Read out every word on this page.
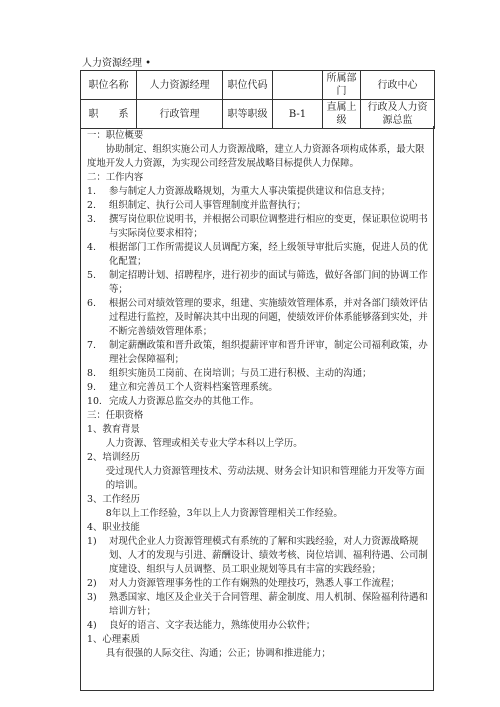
人力资源经理 •
职位名称	人力资源经理	职位代码		所属部门	行政中心
职　　系	行政管理	职等职级	B-1	直属上级	行政及人力资源总监

一：职位概要

协助制定、组织实施公司人力资源战略，建立人力资源各项构成体系，最大限度地开发人力资源，为实现公司经营发展战略目标提供人力保障。

二：工作内容

1.	参与制定人力资源战略规划，为重大人事决策提供建议和信息支持；
2.	组织制定、执行公司人事管理制度并监督执行；
3.	撰写岗位职位说明书，并根据公司职位调整进行相应的变更，保证职位说明书与实际岗位要求相符；
4.	根据部门工作所需提议人员调配方案，经上级领导审批后实施，促进人员的优化配置；
5.	制定招聘计划、招聘程序，进行初步的面试与筛选，做好各部门间的协调工作等；
6.	根据公司对绩效管理的要求，组建、实施绩效管理体系，并对各部门绩效评估过程进行监控，及时解决其中出现的问题，使绩效评价体系能够落到实处，并不断完善绩效管理体系；
7.	制定薪酬政策和晋升政策，组织提薪评审和晋升评审，制定公司福利政策，办理社会保障福利；
8.	组织实施员工岗前、在岗培训；与员工进行积极、主动的沟通；
9.	建立和完善员工个人资料档案管理系统。
10. 完成人力资源总监交办的其他工作。

三：任职资格

1、教育背景

人力资源、管理或相关专业大学本科以上学历。

2、培训经历

受过现代人力资源管理技术、劳动法规、财务会计知识和管理能力开发等方面的培训。

3、工作经历

8年以上工作经验，3年以上人力资源管理相关工作经验。

4、职业技能

1)	对现代企业人力资源管理模式有系统的了解和实践经验，对人力资源战略规划、人才的发现与引进、薪酬设计、绩效考核、岗位培训、福利待遇、公司制度建设、组织与人员调整、员工职业规划等具有丰富的实践经验；
2)	对人力资源管理事务性的工作有娴熟的处理技巧，熟悉人事工作流程；
3)	熟悉国家、地区及企业关于合同管理、薪金制度、用人机制、保险福利待遇和培训方针；
4)	良好的语言、文字表达能力，熟练使用办公软件；

1、心理素质

具有很强的人际交往、沟通；公正；协调和推进能力；
